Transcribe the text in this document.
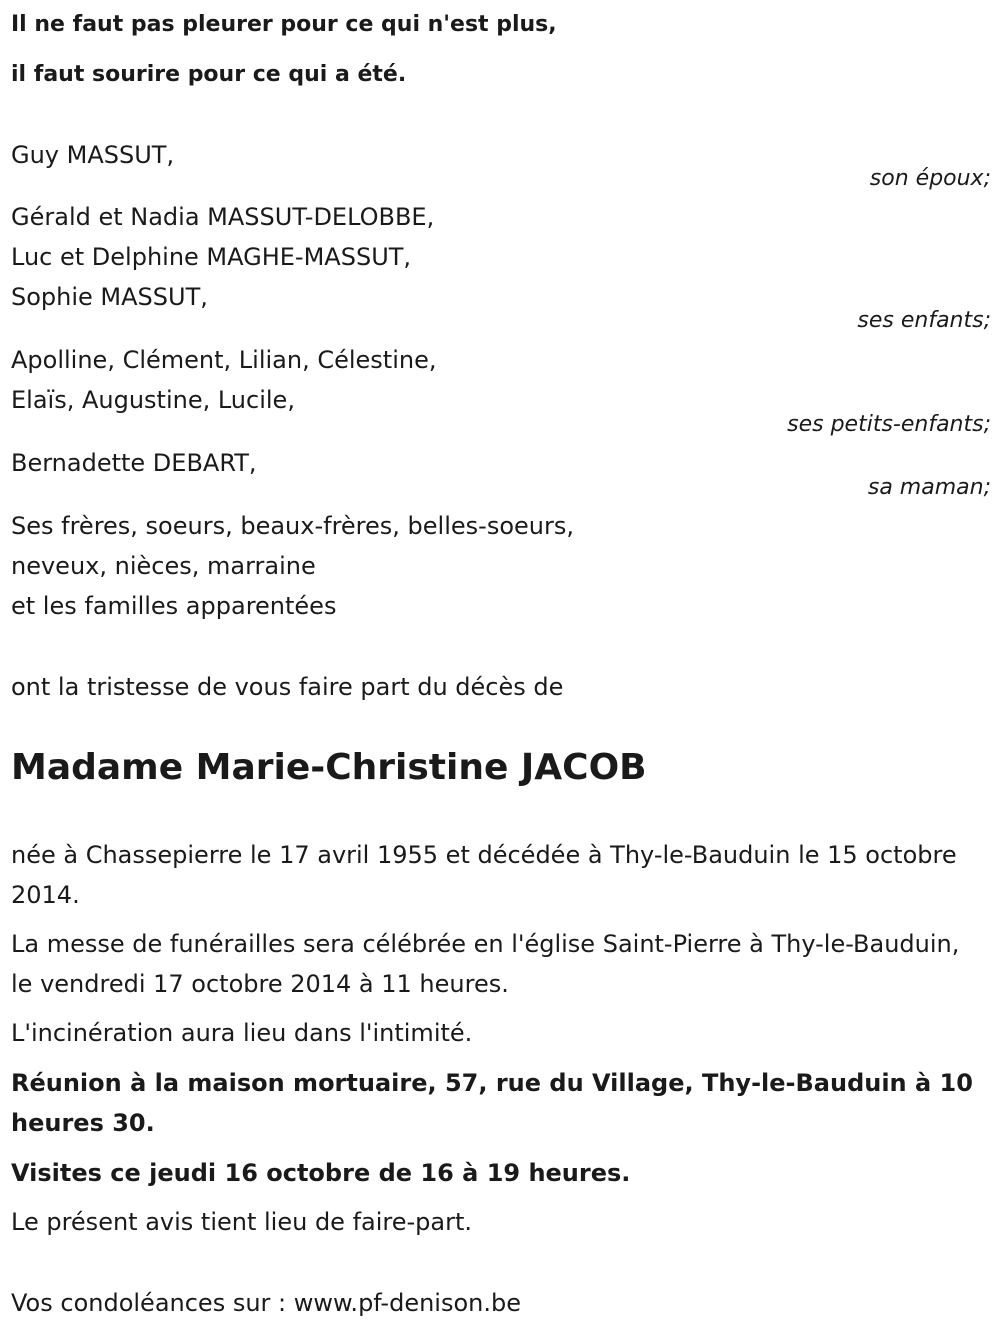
Il ne faut pas pleurer pour ce qui n'est plus,
il faut sourire pour ce qui a été.
Guy MASSUT,
son époux;
Gérald et Nadia MASSUT-DELOBBE,
Luc et Delphine MAGHE-MASSUT,
Sophie MASSUT,
ses enfants;
Apolline, Clément, Lilian, Célestine,
Elaïs, Augustine, Lucile,
ses petits-enfants;
Bernadette DEBART,
sa maman;
Ses frères, soeurs, beaux-frères, belles-soeurs,
neveux, nièces, marraine
et les familles apparentées
ont la tristesse de vous faire part du décès de
Madame Marie-Christine JACOB
née à Chassepierre le 17 avril 1955 et décédée à Thy-le-Bauduin le 15 octobre 2014.
La messe de funérailles sera célébrée en l'église Saint-Pierre à Thy-le-Bauduin, le vendredi 17 octobre 2014 à 11 heures.
L'incinération aura lieu dans l'intimité.
Réunion à la maison mortuaire, 57, rue du Village, Thy-le-Bauduin à 10 heures 30.
Visites ce jeudi 16 octobre de 16 à 19 heures.
Le présent avis tient lieu de faire-part.
Vos condoléances sur : www.pf-denison.be
